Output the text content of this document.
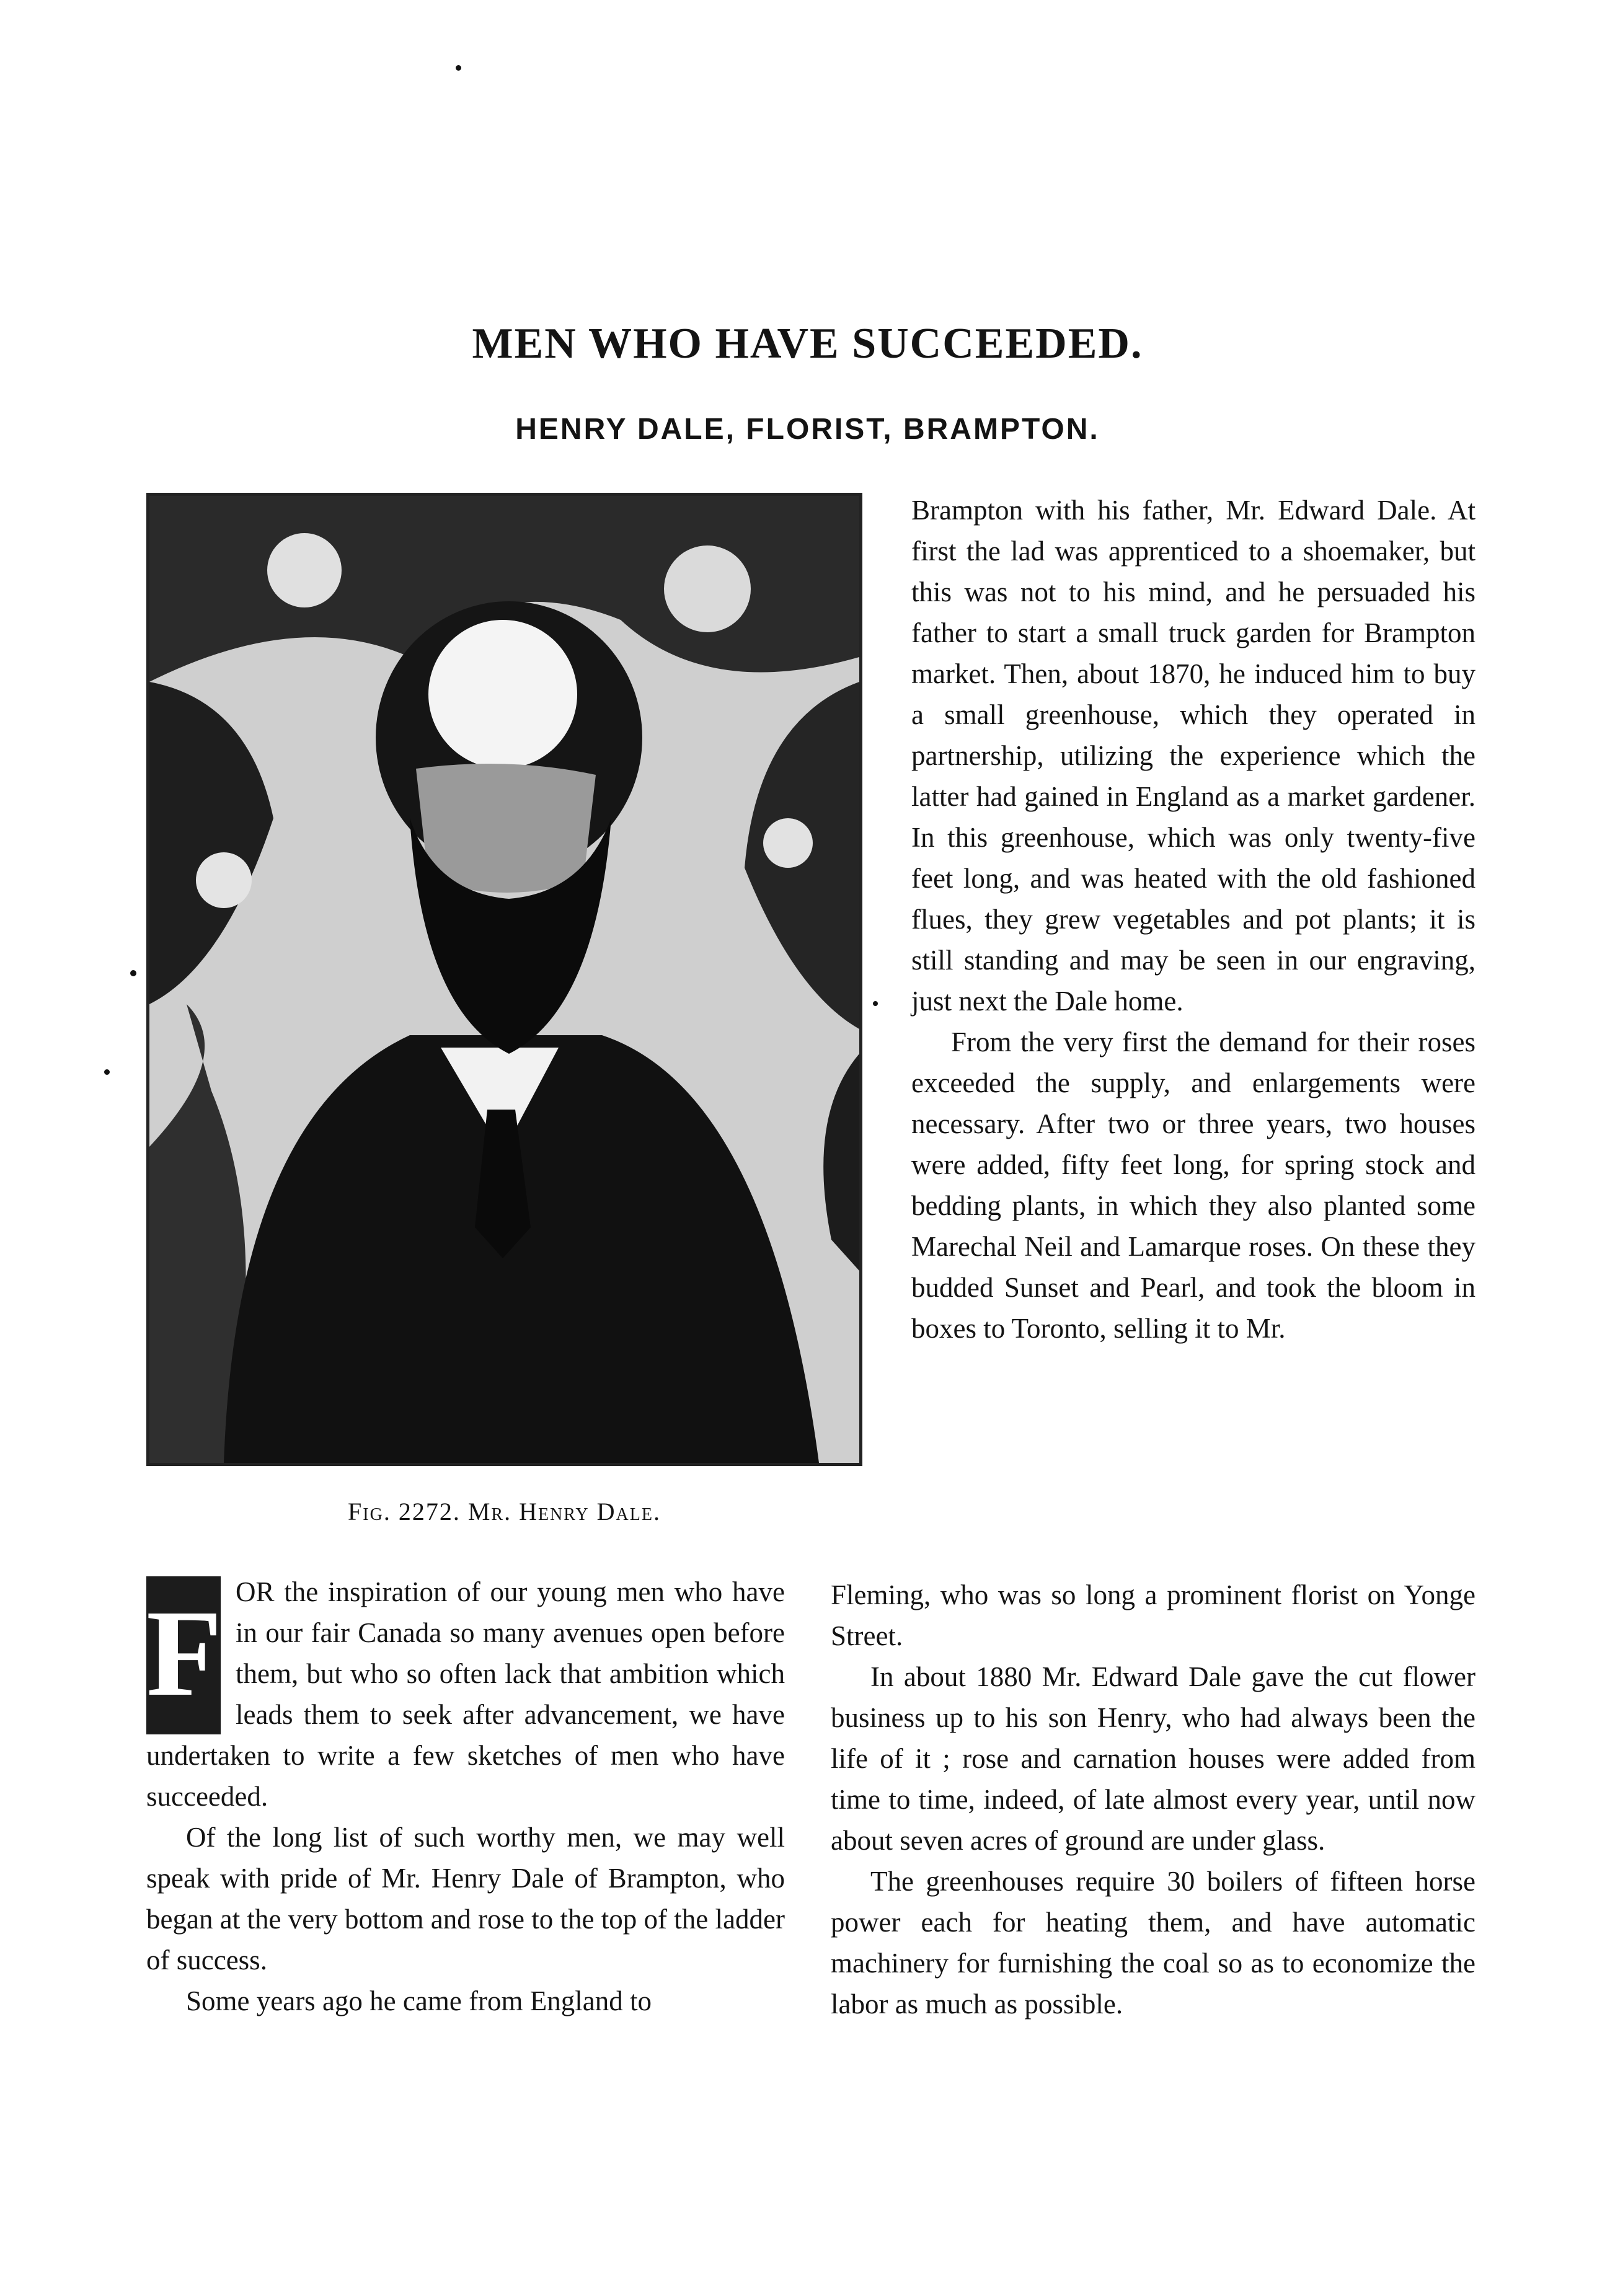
MEN WHO HAVE SUCCEEDED.
HENRY DALE, FLORIST, BRAMPTON.
Fig. 2272. Mr. Henry Dale.
F OR the inspiration of our young men who have in our fair Canada so many avenues open before them, but who so often lack that ambition which leads them to seek after advancement, we have undertaken to write a few sketches of men who have succeeded.

Of the long list of such worthy men, we may well speak with pride of Mr. Henry Dale of Brampton, who began at the very bottom and rose to the top of the ladder of success.

Some years ago he came from England to

Brampton with his father, Mr. Edward Dale. At first the lad was apprenticed to a shoemaker, but this was not to his mind, and he persuaded his father to start a small truck garden for Brampton market. Then, about 1870, he induced him to buy a small greenhouse, which they operated in partnership, utilizing the experience which the latter had gained in England as a market gardener. In this greenhouse, which was only twenty-five feet long, and was heated with the old fashioned flues, they grew vegetables and pot plants; it is still standing and may be seen in our engraving, just next the Dale home.

From the very first the demand for their roses exceeded the supply, and enlargements were necessary. After two or three years, two houses were added, fifty feet long, for spring stock and bedding plants, in which they also planted some Marechal Neil and Lamarque roses. On these they budded Sunset and Pearl, and took the bloom in boxes to Toronto, selling it to Mr.

Fleming, who was so long a prominent florist on Yonge Street.

In about 1880 Mr. Edward Dale gave the cut flower business up to his son Henry, who had always been the life of it ; rose and carnation houses were added from time to time, indeed, of late almost every year, until now about seven acres of ground are under glass.

The greenhouses require 30 boilers of fifteen horse power each for heating them, and have automatic machinery for furnishing the coal so as to economize the labor as much as possible.
